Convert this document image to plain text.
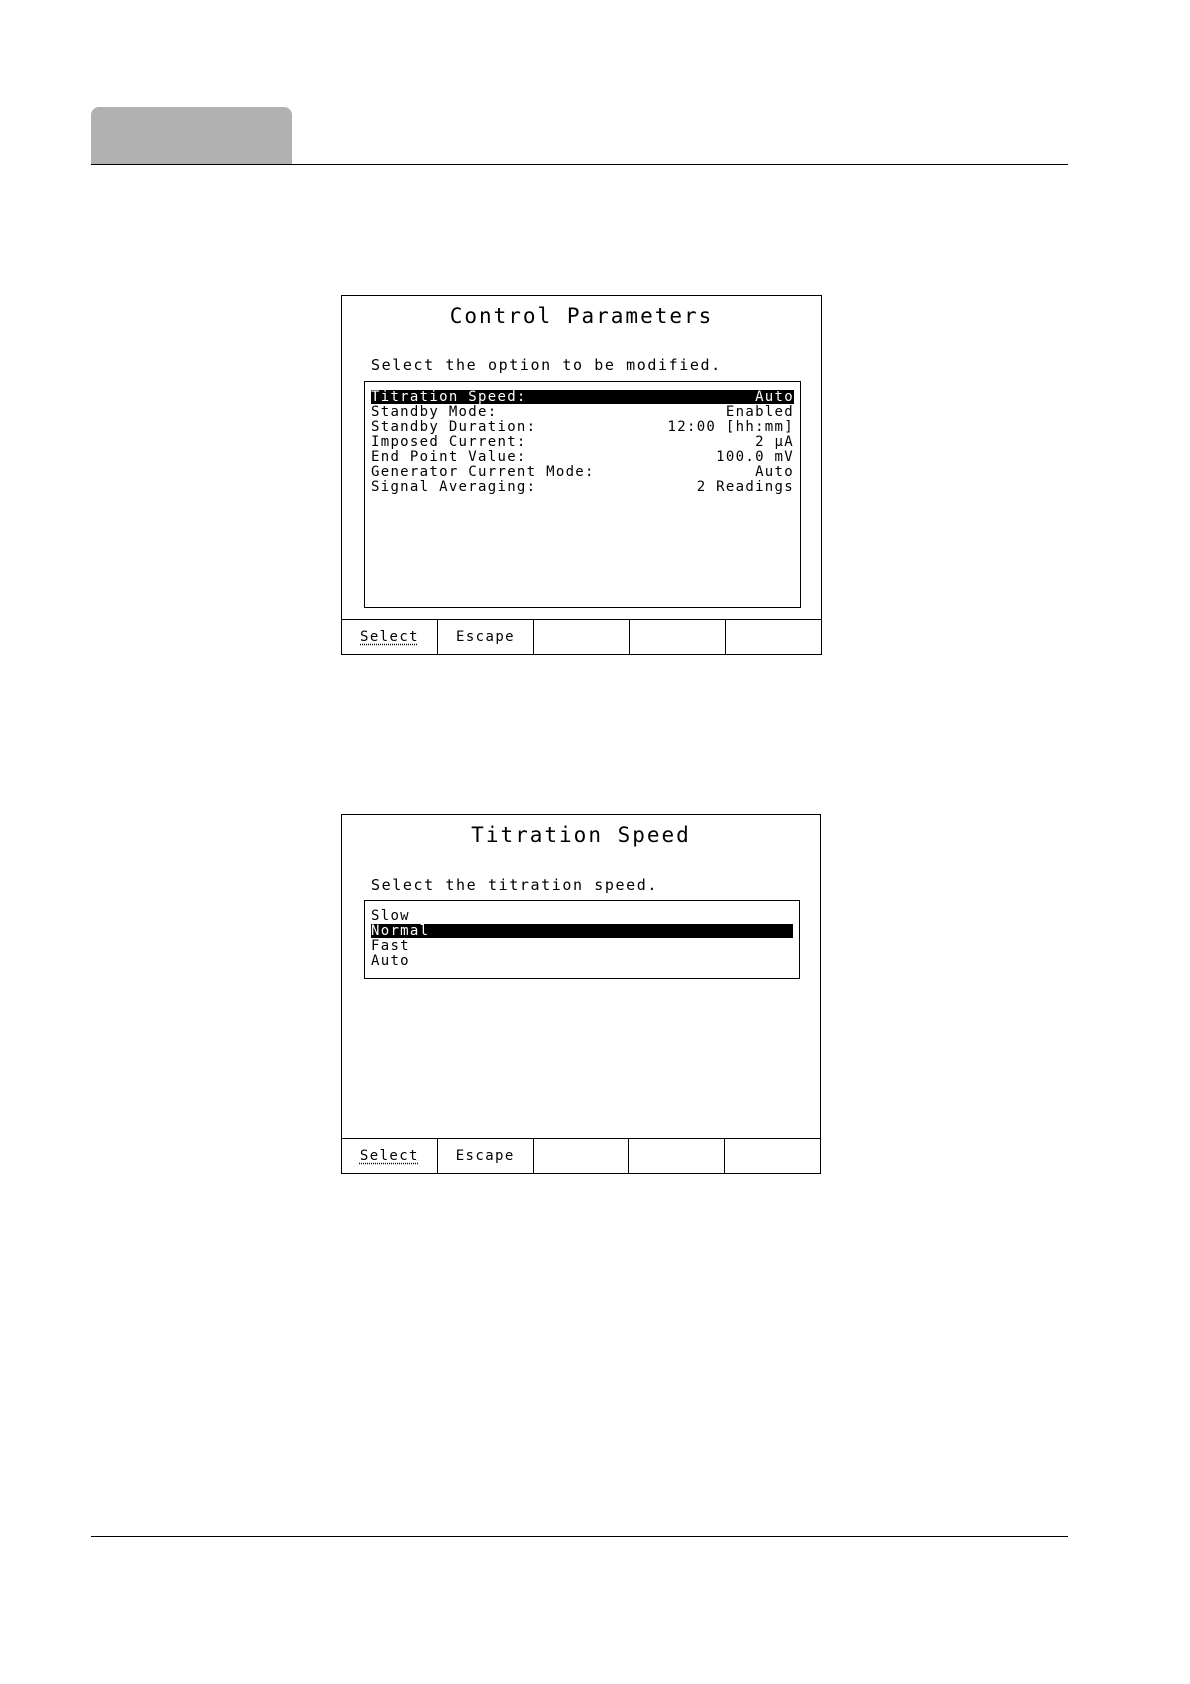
Control Parameters
Select the option to be modified.
Titration Speed:	Auto
Standby Mode:	Enabled
Standby Duration:	12:00 [hh:mm]
Imposed Current:	2 µA
End Point Value:	100.0 mV
Generator Current Mode:	Auto
Signal Averaging:	2 Readings
Select	Escape
Titration Speed
Select the titration speed.
Slow
Normal
Fast
Auto
Select	Escape
